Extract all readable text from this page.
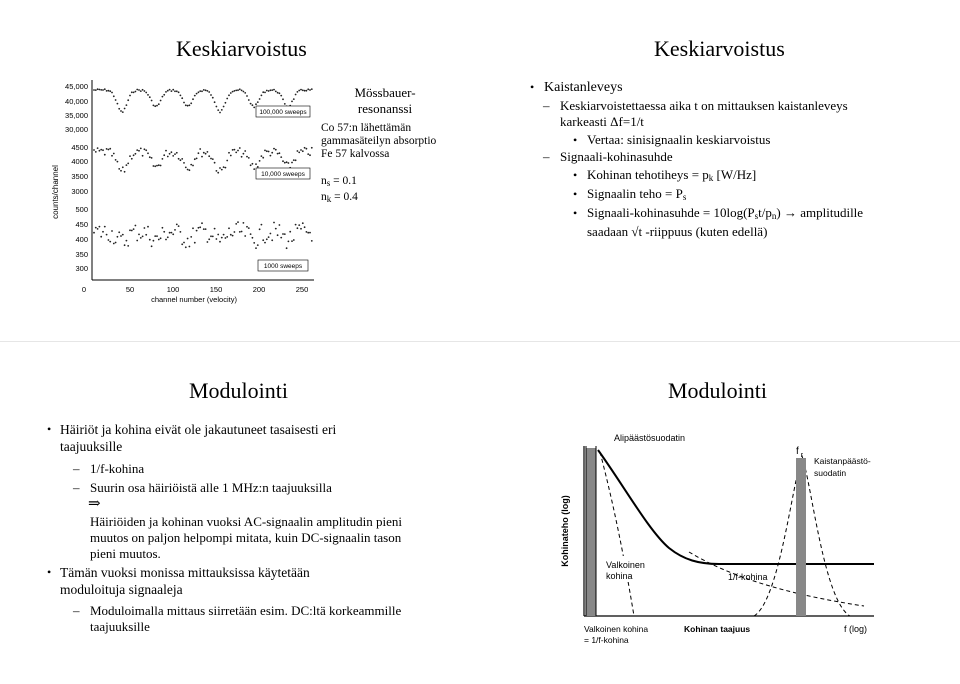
Keskiarvoistus
counts/channel
45,000
40,000
35,000
30,000
4500
4000
3500
3000
500
450
400
350
300
0	50	100	150	200	250
channel number (velocity)
100,000 sweeps
10,000 sweeps
1000 sweeps
Mössbauer-
resonanssi
Co 57:n lähettämän
gammasäteilyn absorptio
Fe 57 kalvossa
$n_s = 0.1$
$n_k = 0.4$
Keskiarvoistus
• Kaistanleveys
– Keskiarvoistettaessa aika t on mittauksen kaistanleveys
karkeasti Δf=1/t
• Vertaa: sinisignaalin keskiarvoistus
– Signaali-kohinasuhde
• Kohinan tehotiheys = $p_k$ [W/Hz]
• Signaalin teho = $P_s$
• Signaali-kohinasuhde = $10\log(P_st/p_n)$ → amplitudille
saadaan √t -riippuus (kuten edellä)
Modulointi
• Häiriöt ja kohina eivät ole jakautuneet tasaisesti eri
taajuuksille
– 1/f-kohina
– Suurin osa häiriöistä alle 1 MHz:n taajuuksilla
⇒
Häiriöiden ja kohinan vuoksi AC-signaalin amplitudin pieni
muutos on paljon helpompi mitata, kuin DC-signaalin tason
pieni muutos.
• Tämän vuoksi monissa mittauksissa käytetään
moduloituja signaaleja
– Moduloimalla mittaus siirretään esim. DC:ltä korkeammille
taajuuksille
Modulointi
Kohinateho (log)
Alipäästösuodatin
f $_r$
Kaistanpäästö-
suodatin
Valkoinen
kohina	1/f-kohina
Valkoinen kohina
= 1/f-kohina
Kohinan taajuus	f (log)
